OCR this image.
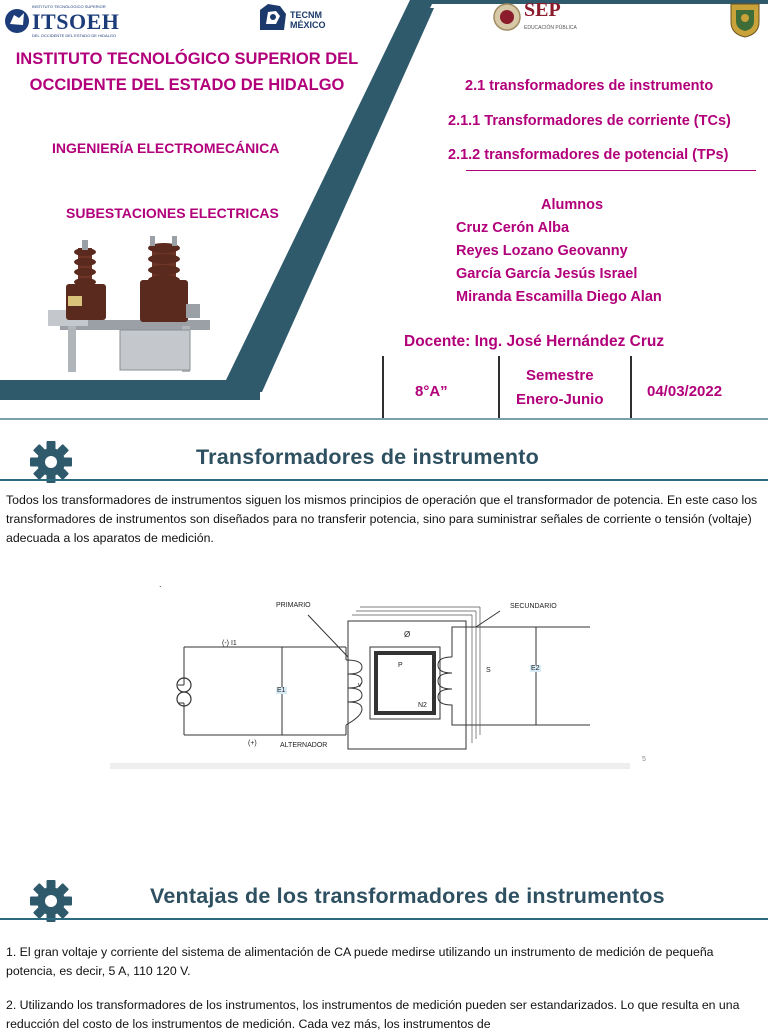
INSTITUTO TECNOLÓGICO SUPERIOR
ITSOEH
DEL OCCIDENTE DEL ESTADO DE HIDALGO
TECNM
MÉXICO
SEP
EDUCACIÓN PÚBLICA
INSTITUTO TECNOLÓGICO SUPERIOR DEL
OCCIDENTE DEL ESTADO DE HIDALGO
INGENIERÍA ELECTROMECÁNICA
SUBESTACIONES ELECTRICAS
2.1 transformadores de instrumento
2.1.1 Transformadores de corriente (TCs)
2.1.2 transformadores de potencial (TPs)
Alumnos
Cruz Cerón Alba
Reyes Lozano Geovanny
García García Jesús Israel
Miranda Escamilla Diego Alan
Docente: Ing. José Hernández Cruz
8°A”
Semestre
Enero-Junio	04/03/2022
Transformadores de instrumento
Todos los transformadores de instrumentos siguen los mismos principios de operación que el transformador de potencia. En este caso los transformadores de instrumentos son diseñados para no transferir potencia, sino para suministrar señales de corriente o tensión (voltaje) adecuada a los aparatos de medición.
.
PRIMARIO	SECUNDARIO
(-) I1
Ø
P
v
S
N2
E1
E2
(+)	ALTERNADOR
5
Ventajas de los transformadores de instrumentos
1. El gran voltaje y corriente del sistema de alimentación de CA puede medirse utilizando un instrumento de medición de pequeña potencia, es decir, 5 A, 110 120 V.
2. Utilizando los transformadores de los instrumentos, los instrumentos de medición pueden ser estandarizados. Lo que resulta en una reducción del costo de los instrumentos de medición. Cada vez más, los instrumentos de
